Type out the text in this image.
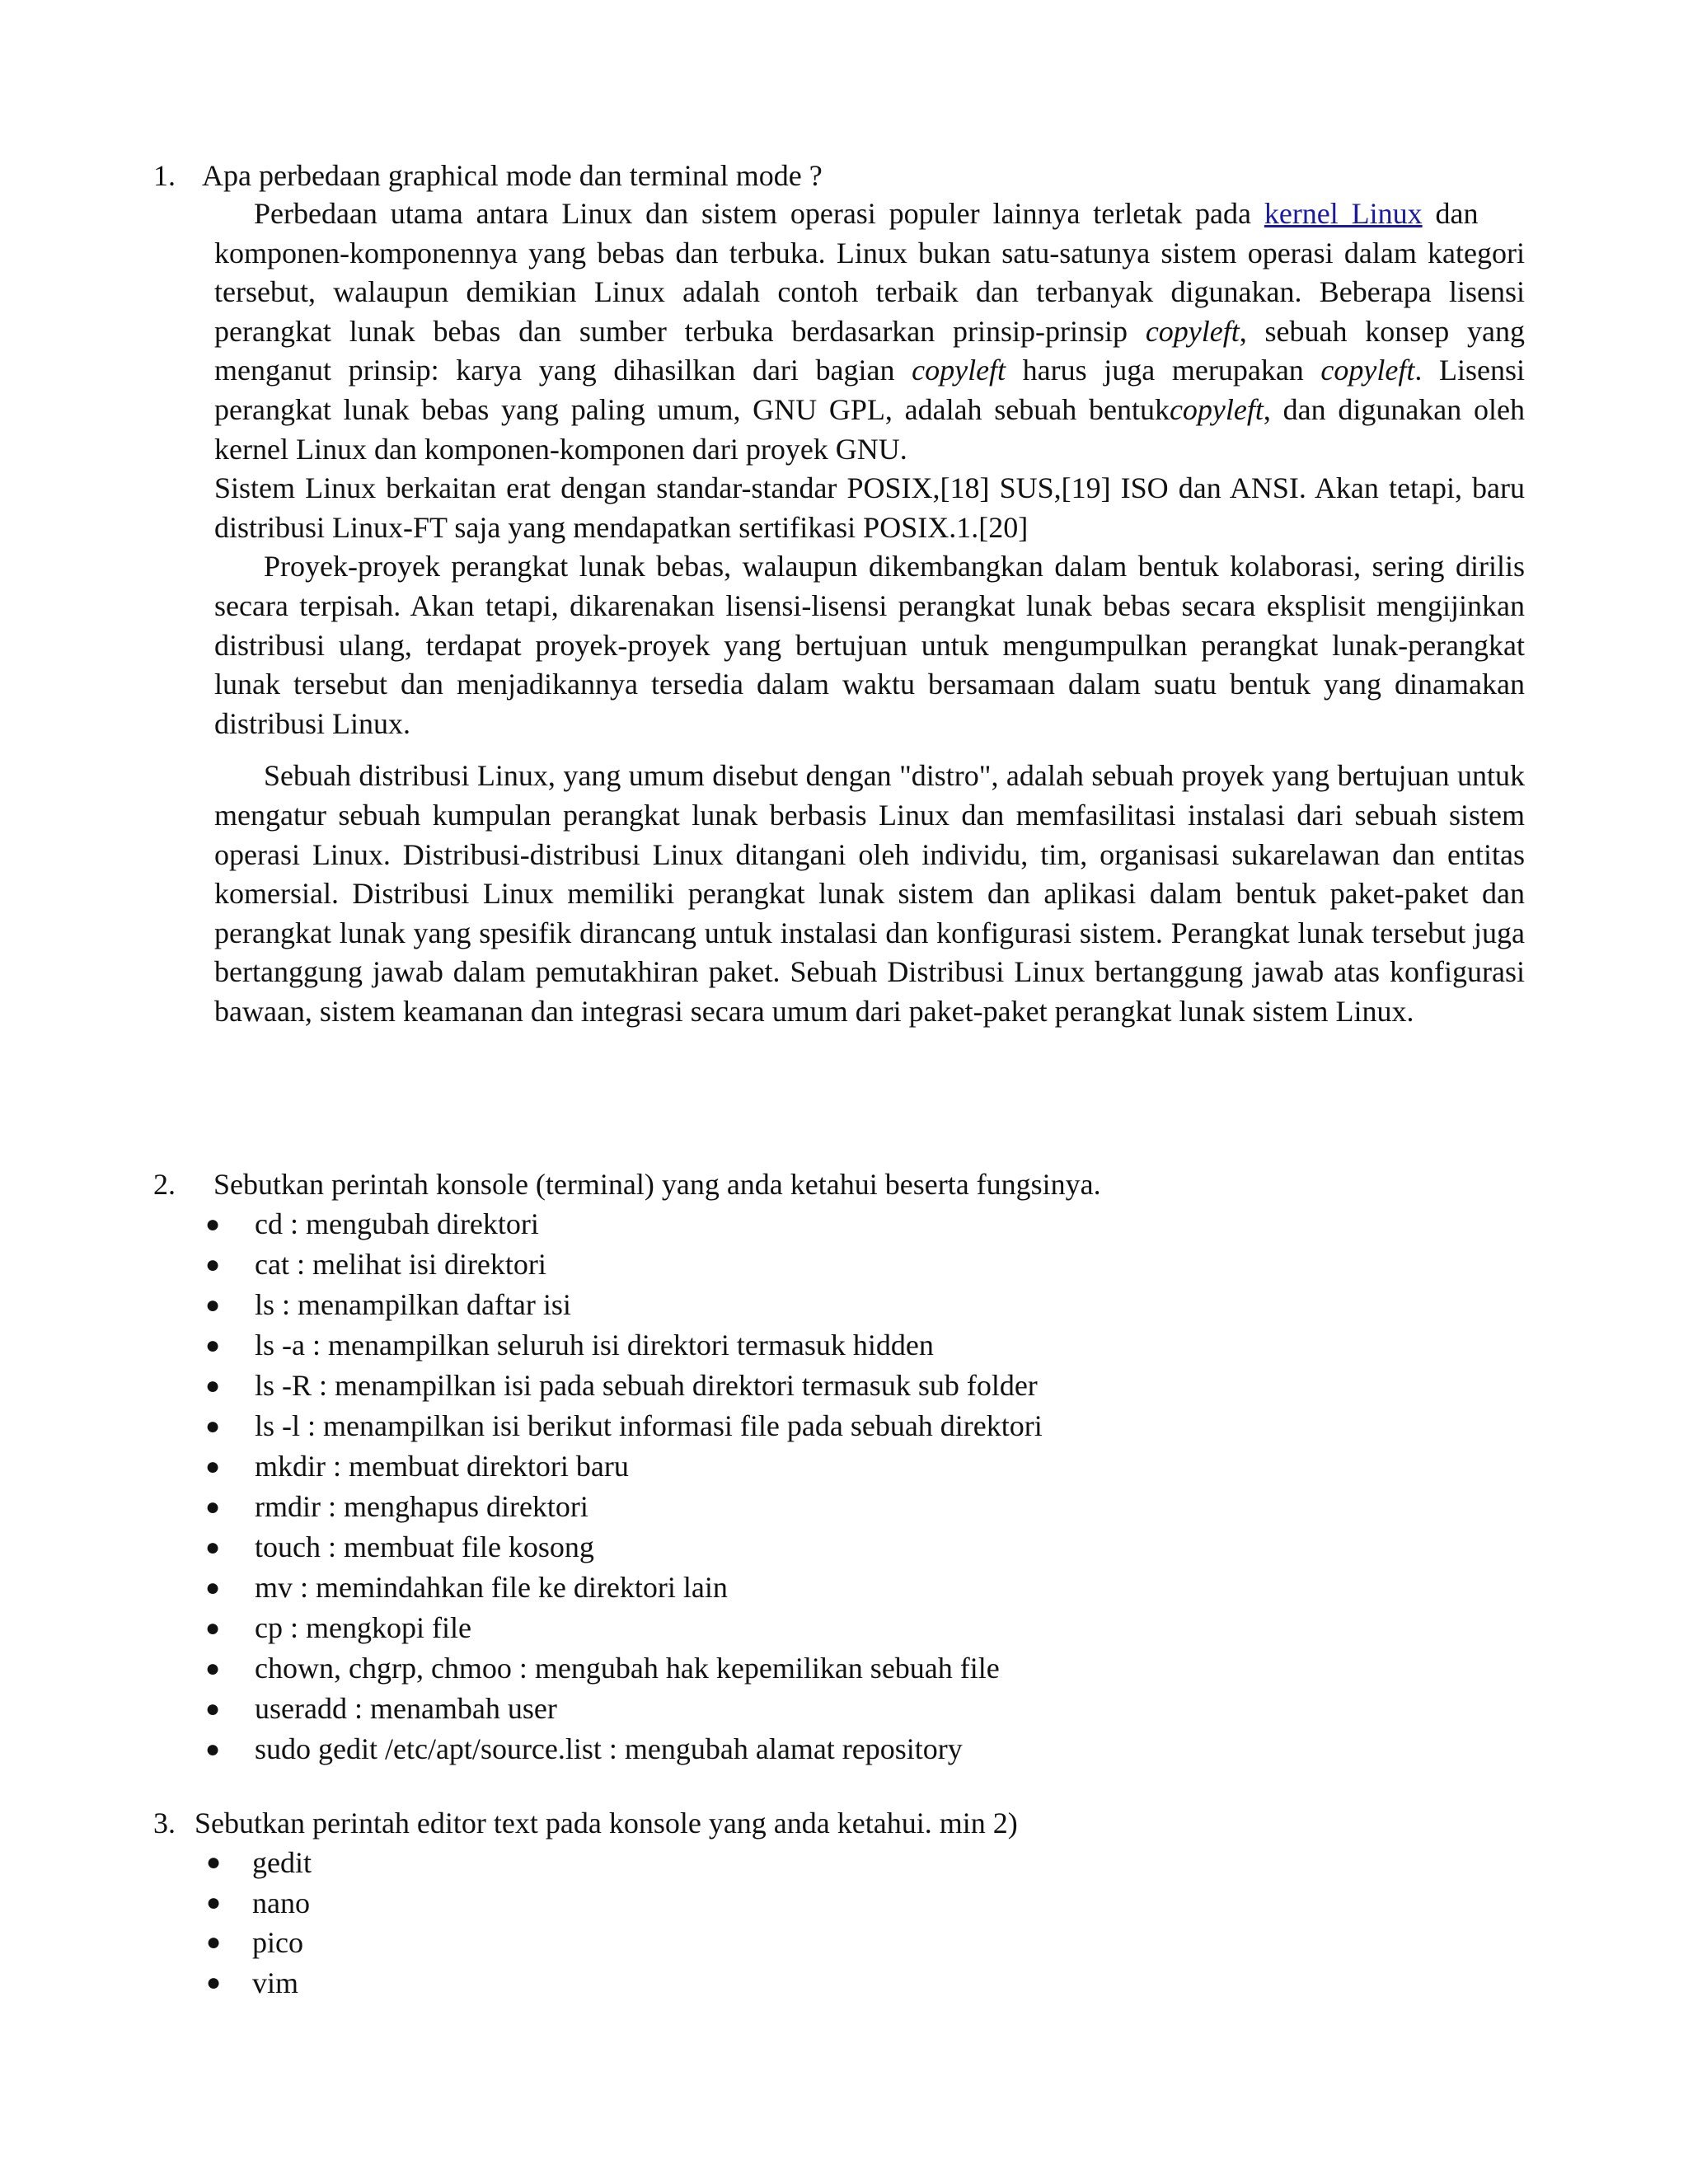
1. Apa perbedaan graphical mode dan terminal mode ?

Perbedaan utama antara Linux dan sistem operasi populer lainnya terletak pada kernel Linux dan     komponen-komponennya yang bebas dan terbuka. Linux bukan satu-satunya sistem operasi dalam kategori tersebut, walaupun demikian Linux adalah contoh terbaik dan terbanyak digunakan. Beberapa lisensi perangkat lunak bebas dan sumber terbuka berdasarkan prinsip-prinsip copyleft, sebuah konsep yang menganut prinsip: karya yang dihasilkan dari bagian copyleft harus juga merupakan copyleft. Lisensi perangkat lunak bebas yang paling umum, GNU GPL, adalah sebuah bentukcopyleft, dan digunakan oleh kernel Linux dan komponen-komponen dari proyek GNU.

Sistem Linux berkaitan erat dengan standar-standar POSIX,[18] SUS,[19] ISO dan ANSI. Akan tetapi, baru distribusi Linux-FT saja yang mendapatkan sertifikasi POSIX.1.[20]

Proyek-proyek perangkat lunak bebas, walaupun dikembangkan dalam bentuk kolaborasi, sering dirilis secara terpisah. Akan tetapi, dikarenakan lisensi-lisensi perangkat lunak bebas secara eksplisit mengijinkan distribusi ulang, terdapat proyek-proyek yang bertujuan untuk mengumpulkan perangkat lunak-perangkat lunak tersebut dan menjadikannya tersedia dalam waktu bersamaan dalam suatu bentuk yang dinamakan distribusi Linux.

Sebuah distribusi Linux, yang umum disebut dengan "distro", adalah sebuah proyek yang bertujuan untuk mengatur sebuah kumpulan perangkat lunak berbasis Linux dan memfasilitasi instalasi dari sebuah sistem operasi Linux. Distribusi-distribusi Linux ditangani oleh individu, tim, organisasi sukarelawan dan entitas komersial. Distribusi Linux memiliki perangkat lunak sistem dan aplikasi dalam bentuk paket-paket dan perangkat lunak yang spesifik dirancang untuk instalasi dan konfigurasi sistem. Perangkat lunak tersebut juga bertanggung jawab dalam pemutakhiran paket. Sebuah Distribusi Linux bertanggung jawab atas konfigurasi bawaan, sistem keamanan dan integrasi secara umum dari paket-paket perangkat lunak sistem Linux.

2. Sebutkan perintah konsole (terminal) yang anda ketahui beserta fungsinya.
● cd : mengubah direktori
● cat : melihat isi direktori
● ls : menampilkan daftar isi
● ls -a : menampilkan seluruh isi direktori termasuk hidden
● ls -R : menampilkan isi pada sebuah direktori termasuk sub folder
● ls -l : menampilkan isi berikut informasi file pada sebuah direktori
● mkdir : membuat direktori baru
● rmdir : menghapus direktori
● touch : membuat file kosong
● mv : memindahkan file ke direktori lain
● cp : mengkopi file
● chown, chgrp, chmoo : mengubah hak kepemilikan sebuah file
● useradd : menambah user
● sudo gedit /etc/apt/source.list : mengubah alamat repository
3. Sebutkan perintah editor text pada konsole yang anda ketahui. min 2)
● gedit
● nano
● pico
● vim
